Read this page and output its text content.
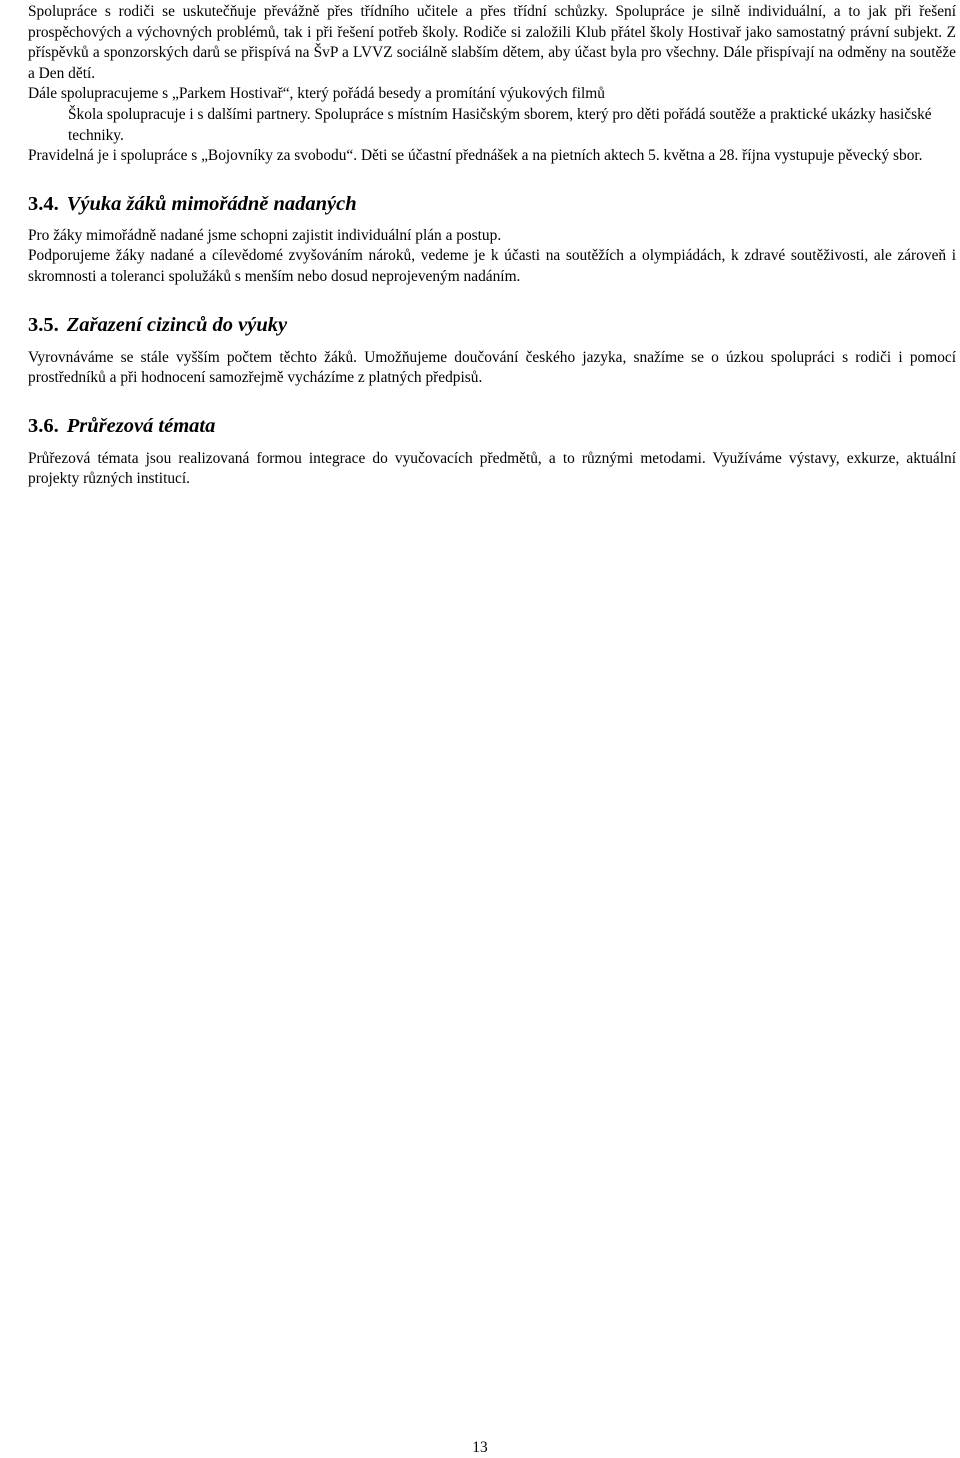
Spolupráce s rodiči se uskutečňuje převážně přes třídního učitele a přes třídní schůzky. Spolupráce je silně individuální, a to jak při řešení prospěchových a výchovných problémů, tak i při řešení potřeb školy. Rodiče si založili Klub přátel školy Hostivař jako samostatný právní subjekt. Z příspěvků a sponzorských darů se přispívá na ŠvP a LVVZ sociálně slabším dětem, aby účast byla pro všechny. Dále přispívají na odměny na soutěže a Den dětí.

Dále spolupracujeme s „Parkem Hostivař“, který pořádá besedy a promítání výukových filmů

Škola spolupracuje i s dalšími partnery. Spolupráce s místním Hasičským sborem, který pro děti pořádá soutěže a praktické ukázky hasičské techniky.

Pravidelná je i spolupráce s „Bojovníky za svobodu“. Děti se účastní přednášek a na pietních aktech 5. května a 28. října vystupuje pěvecký sbor.

3.4. Výuka žáků mimořádně nadaných

Pro žáky mimořádně nadané jsme schopni zajistit individuální plán a postup.

Podporujeme žáky nadané a cílevědomé zvyšováním nároků, vedeme je k účasti na soutěžích a olympiádách, k zdravé soutěživosti, ale zároveň i skromnosti a toleranci spolužáků s menším nebo dosud neprojeveným nadáním.

3.5. Zařazení cizinců do výuky

Vyrovnáváme se stále vyšším počtem těchto žáků. Umožňujeme doučování českého jazyka, snažíme se o úzkou spolupráci s rodiči i pomocí prostředníků a při hodnocení samozřejmě vycházíme z platných předpisů.

3.6. Průřezová témata

Průřezová témata jsou realizovaná formou integrace do vyučovacích předmětů, a to různými metodami. Využíváme výstavy, exkurze, aktuální projekty různých institucí.

13
